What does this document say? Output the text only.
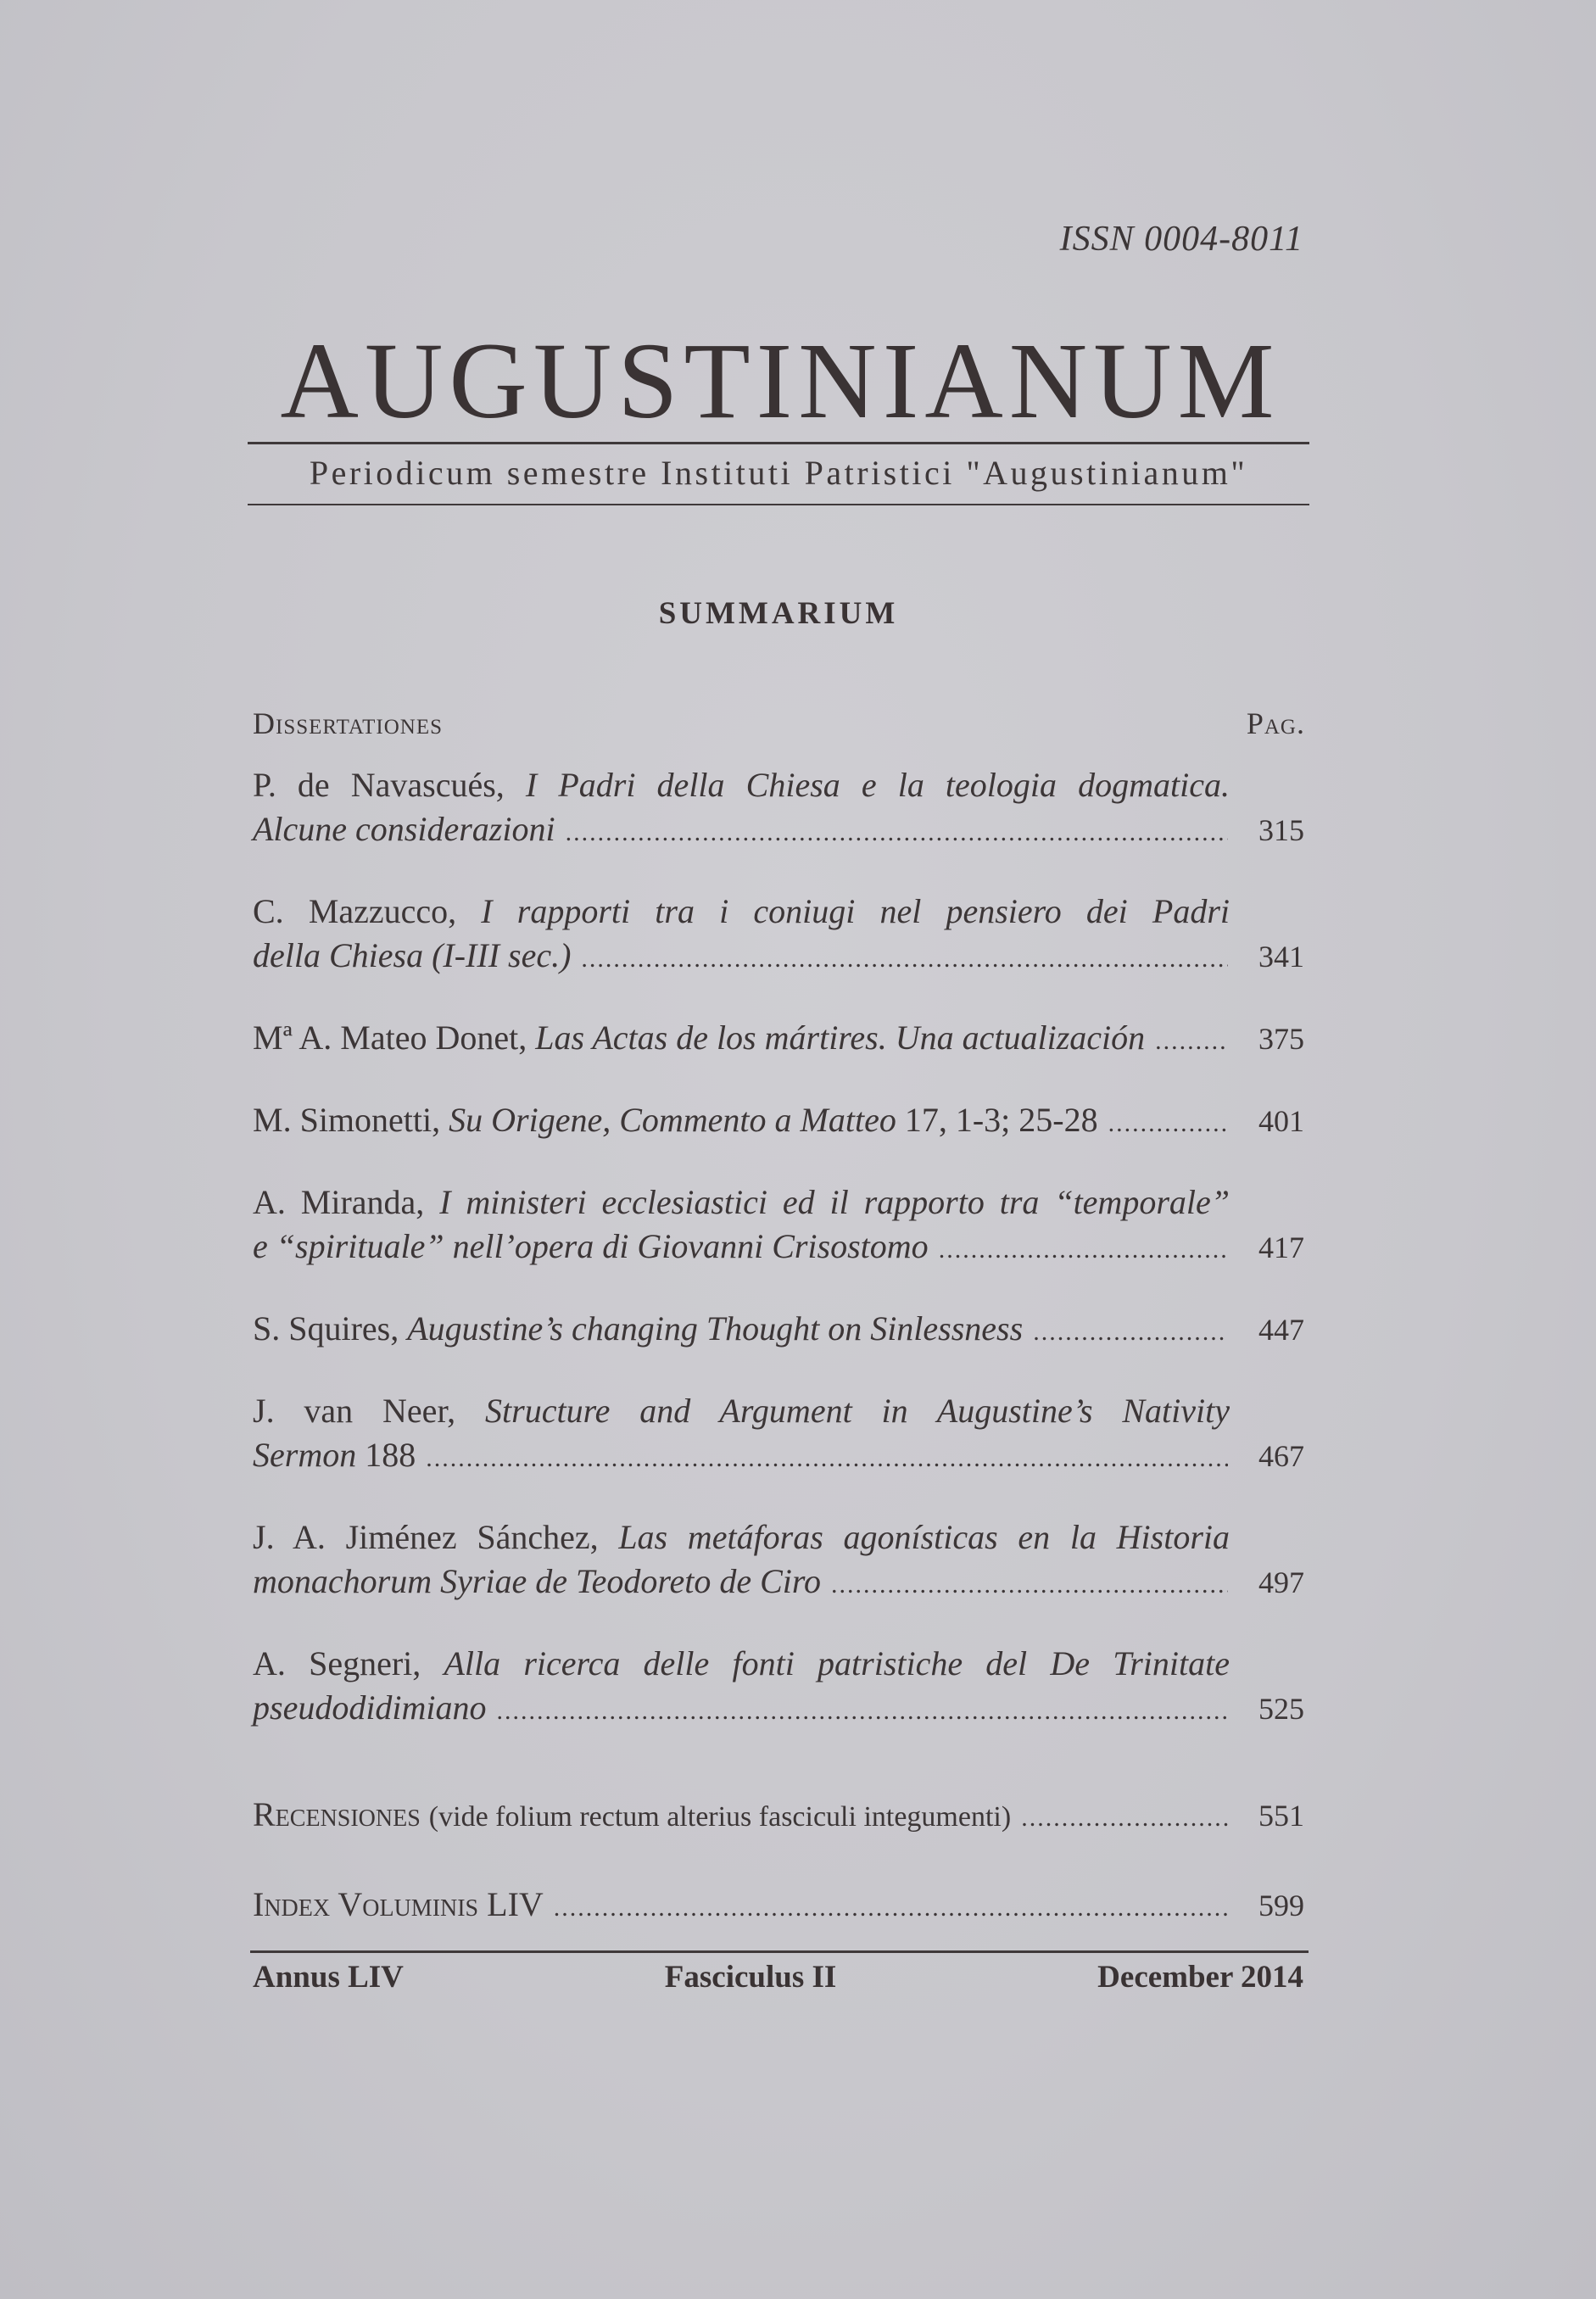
ISSN 0004-8011
AUGUSTINIANUM
Periodicum semestre Instituti Patristici "Augustinianum"
SUMMARIUM
Dissertationes	Pag.
P. de Navascués, I Padri della Chiesa e la teologia dogmatica.
Alcune considerazioni .....	315
C. Mazzucco, I rapporti tra i coniugi nel pensiero dei Padri
della Chiesa (I-III sec.) .....	341
Mª A. Mateo Donet, Las Actas de los mártires. Una actualización .....	375
M. Simonetti, Su Origene, Commento a Matteo 17, 1-3; 25-28 .....	401
A. Miranda, I ministeri ecclesiastici ed il rapporto tra “temporale”
e “spirituale” nell’opera di Giovanni Crisostomo .....	417
S. Squires, Augustine’s changing Thought on Sinlessness .....	447
J. van Neer, Structure and Argument in Augustine’s Nativity
Sermon 188 .....	467
J. A. Jiménez Sánchez, Las metáforas agonísticas en la Historia
monachorum Syriae de Teodoreto de Ciro .....	497
A. Segneri, Alla ricerca delle fonti patristiche del De Trinitate
pseudodidimiano .....	525
Recensiones (vide folium rectum alterius fasciculi integumenti) .....	551
Index Voluminis LIV .....	599
Annus LIV	Fasciculus II	December 2014
